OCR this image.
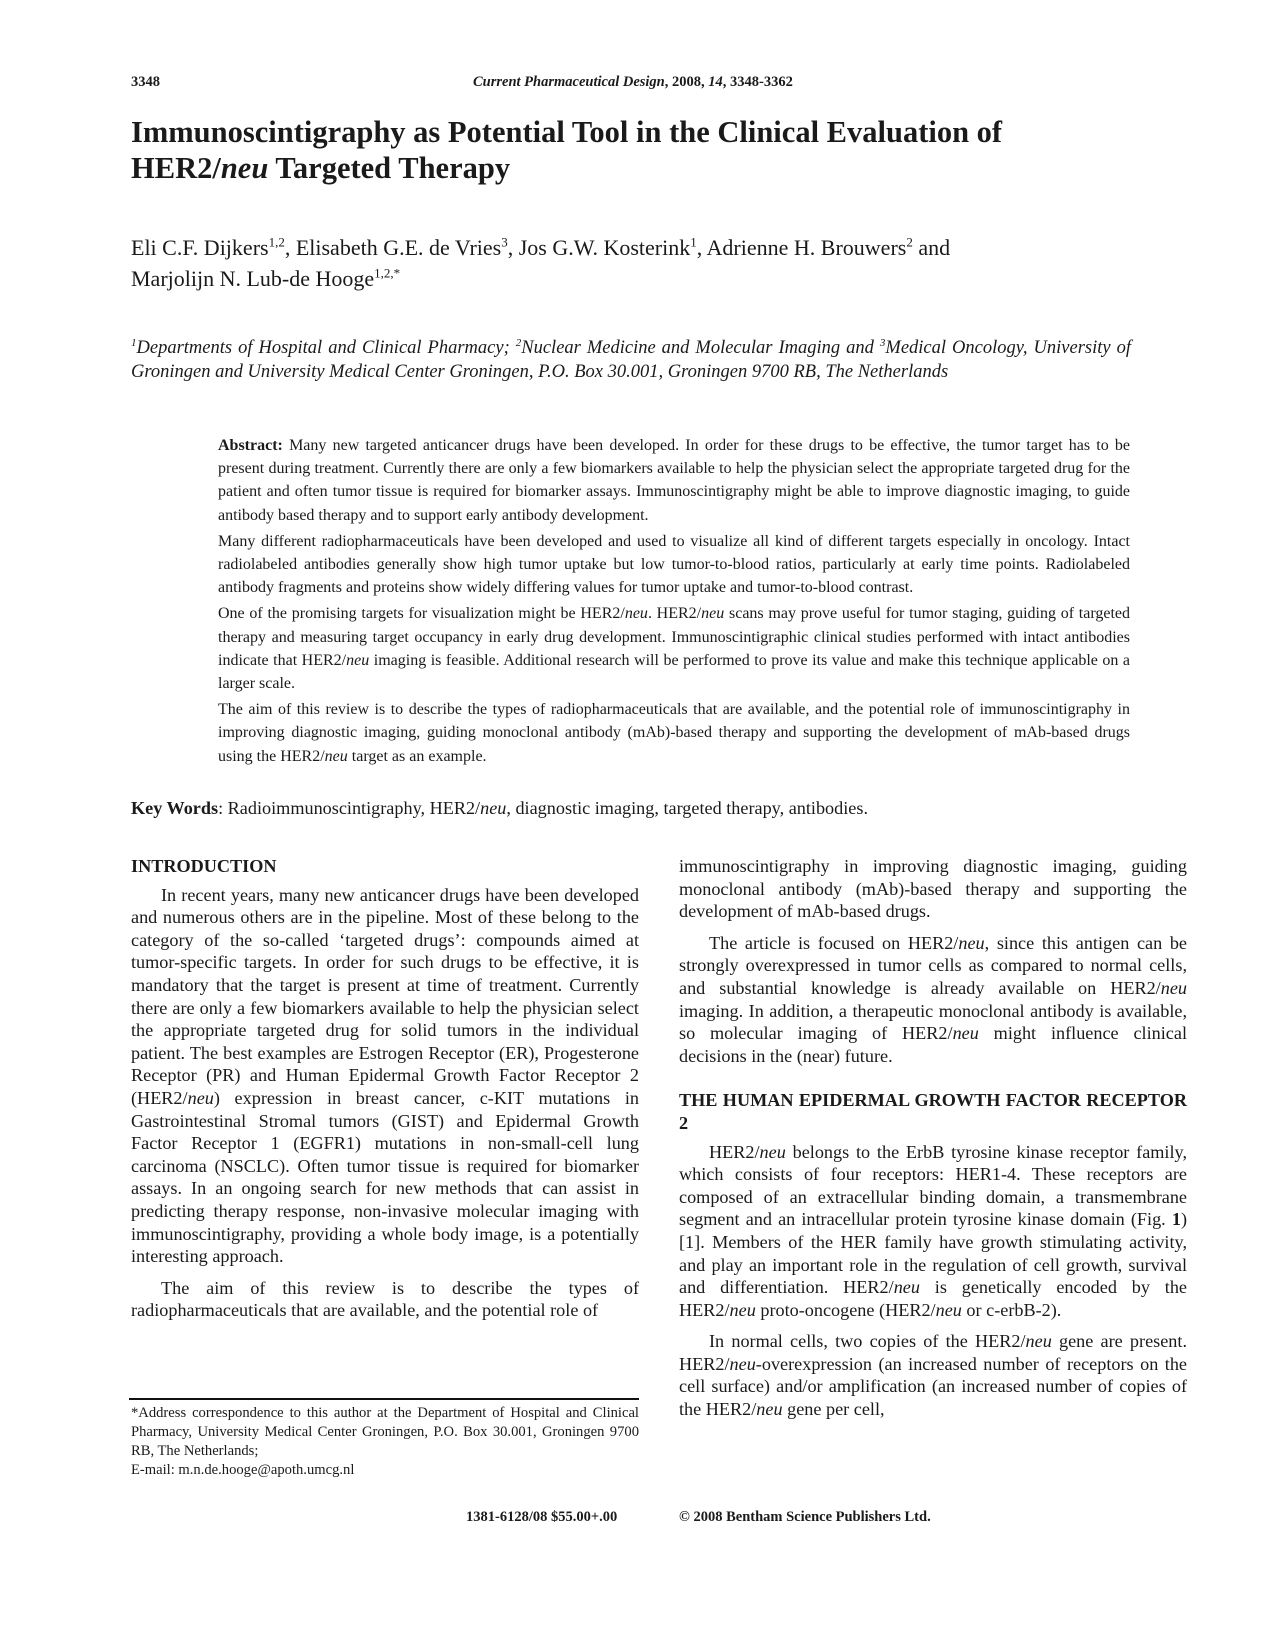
3348	Current Pharmaceutical Design, 2008, 14, 3348-3362
Immunoscintigraphy as Potential Tool in the Clinical Evaluation of
HER2/neu Targeted Therapy
Eli C.F. Dijkers$^{1,2}$, Elisabeth G.E. de Vries$^3$, Jos G.W. Kosterink$^1$, Adrienne H. Brouwers$^2$ and
Marjolijn N. Lub-de Hooge$^{1,2,*}$
$^1$Departments of Hospital and Clinical Pharmacy; $^2$Nuclear Medicine and Molecular Imaging and $^3$Medical Oncology, University of Groningen and University Medical Center Groningen, P.O. Box 30.001, Groningen 9700 RB, The Netherlands

Abstract: Many new targeted anticancer drugs have been developed. In order for these drugs to be effective, the tumor target has to be present during treatment. Currently there are only a few biomarkers available to help the physician select the appropriate targeted drug for the patient and often tumor tissue is required for biomarker assays. Immunoscintigraphy might be able to improve diagnostic imaging, to guide antibody based therapy and to support early antibody development.

Many different radiopharmaceuticals have been developed and used to visualize all kind of different targets especially in oncology. Intact radiolabeled antibodies generally show high tumor uptake but low tumor-to-blood ratios, particularly at early time points. Radiolabeled antibody fragments and proteins show widely differing values for tumor uptake and tumor-to-blood contrast.

One of the promising targets for visualization might be HER2/neu. HER2/neu scans may prove useful for tumor staging, guiding of targeted therapy and measuring target occupancy in early drug development. Immunoscintigraphic clinical studies performed with intact antibodies indicate that HER2/neu imaging is feasible. Additional research will be performed to prove its value and make this technique applicable on a larger scale.

The aim of this review is to describe the types of radiopharmaceuticals that are available, and the potential role of immunoscintigraphy in improving diagnostic imaging, guiding monoclonal antibody (mAb)-based therapy and supporting the development of mAb-based drugs using the HER2/neu target as an example.

Key Words: Radioimmunoscintigraphy, HER2/neu, diagnostic imaging, targeted therapy, antibodies.
INTRODUCTION

In recent years, many new anticancer drugs have been developed and numerous others are in the pipeline. Most of these belong to the category of the so-called ‘targeted drugs’: compounds aimed at tumor-specific targets. In order for such drugs to be effective, it is mandatory that the target is present at time of treatment. Currently there are only a few biomarkers available to help the physician select the appropriate targeted drug for solid tumors in the individual patient. The best examples are Estrogen Receptor (ER), Progesterone Receptor (PR) and Human Epidermal Growth Factor Receptor 2 (HER2/neu) expression in breast cancer, c-KIT mutations in Gastrointestinal Stromal tumors (GIST) and Epidermal Growth Factor Receptor 1 (EGFR1) mutations in non-small-cell lung carcinoma (NSCLC). Often tumor tissue is required for biomarker assays. In an ongoing search for new methods that can assist in predicting therapy response, non-invasive molecular imaging with immunoscintigraphy, providing a whole body image, is a potentially interesting approach.

The aim of this review is to describe the types of radiopharmaceuticals that are available, and the potential role of

immunoscintigraphy in improving diagnostic imaging, guiding monoclonal antibody (mAb)-based therapy and supporting the development of mAb-based drugs.

The article is focused on HER2/neu, since this antigen can be strongly overexpressed in tumor cells as compared to normal cells, and substantial knowledge is already available on HER2/neu imaging. In addition, a therapeutic monoclonal antibody is available, so molecular imaging of HER2/neu might influence clinical decisions in the (near) future.

THE HUMAN EPIDERMAL GROWTH FACTOR RECEPTOR 2

HER2/neu belongs to the ErbB tyrosine kinase receptor family, which consists of four receptors: HER1-4. These receptors are composed of an extracellular binding domain, a transmembrane segment and an intracellular protein tyrosine kinase domain (Fig. 1) [1]. Members of the HER family have growth stimulating activity, and play an important role in the regulation of cell growth, survival and differentiation. HER2/neu is genetically encoded by the HER2/neu proto-oncogene (HER2/neu or c-erbB-2).

In normal cells, two copies of the HER2/neu gene are present. HER2/neu-overexpression (an increased number of receptors on the cell surface) and/or amplification (an increased number of copies of the HER2/neu gene per cell,

*Address correspondence to this author at the Department of Hospital and Clinical Pharmacy, University Medical Center Groningen, P.O. Box 30.001, Groningen 9700 RB, The Netherlands;
E-mail: m.n.de.hooge@apoth.umcg.nl
1381-6128/08 $55.00+.00	© 2008 Bentham Science Publishers Ltd.
